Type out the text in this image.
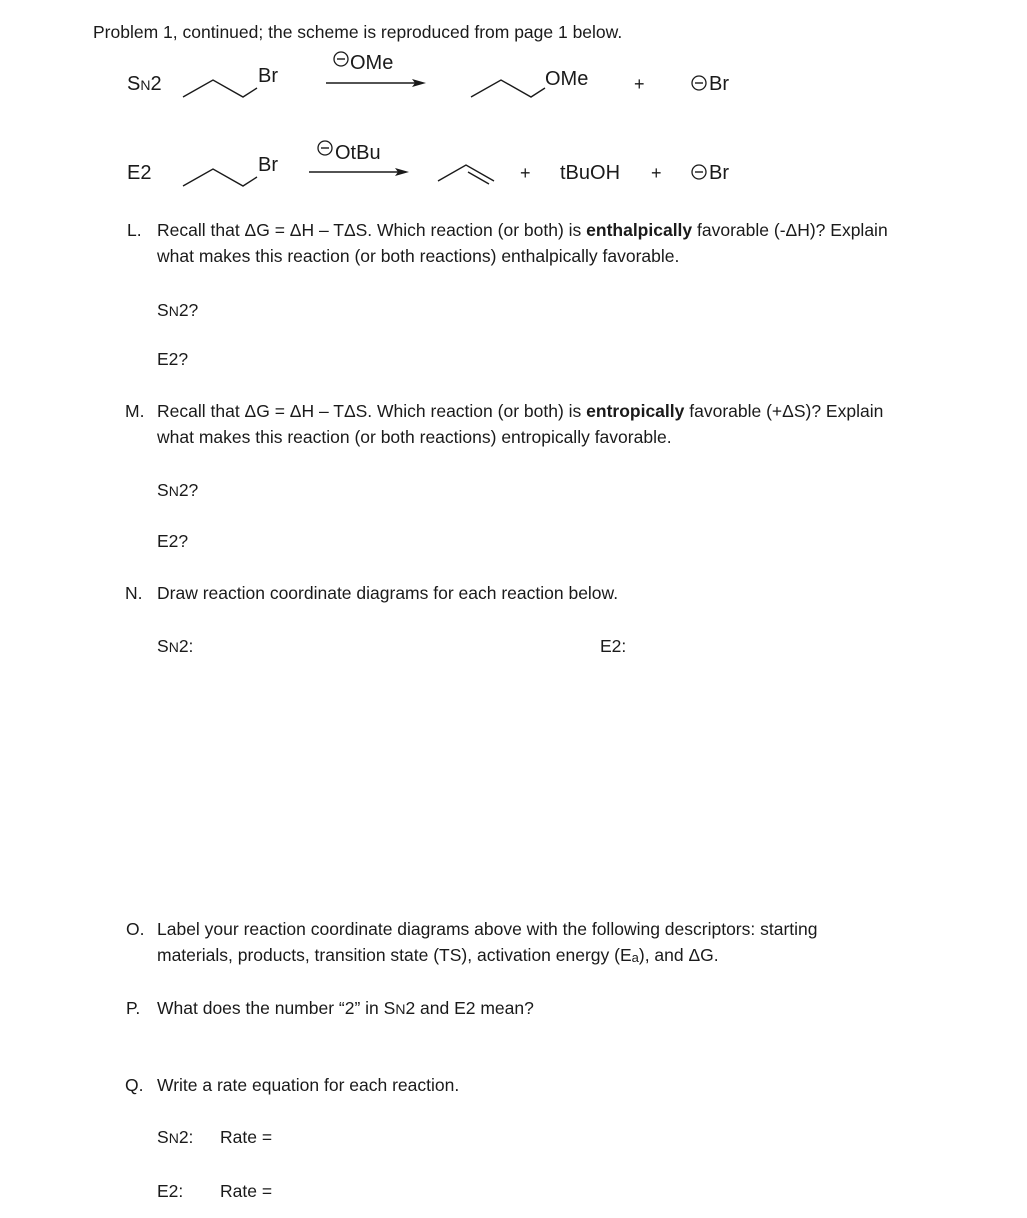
Problem 1, continued; the scheme is reproduced from page 1 below.
SN2	Br
OMe
OMe	+	Br
E2	Br
OtBu
+ tBuOH + Br
L. Recall that ΔG = ΔH – TΔS. Which reaction (or both) is enthalpically favorable (-ΔH)? Explain
what makes this reaction (or both reactions) enthalpically favorable.
SN2?
E2?
M. Recall that ΔG = ΔH – TΔS. Which reaction (or both) is entropically favorable (+ΔS)? Explain
what makes this reaction (or both reactions) entropically favorable.
SN2?
E2?
N. Draw reaction coordinate diagrams for each reaction below.
SN2:	E2:
O. Label your reaction coordinate diagrams above with the following descriptors: starting
materials, products, transition state (TS), activation energy (Ea), and ΔG.
P. What does the number “2” in SN2 and E2 mean?
Q. Write a rate equation for each reaction.
SN2: Rate =
E2: Rate =
